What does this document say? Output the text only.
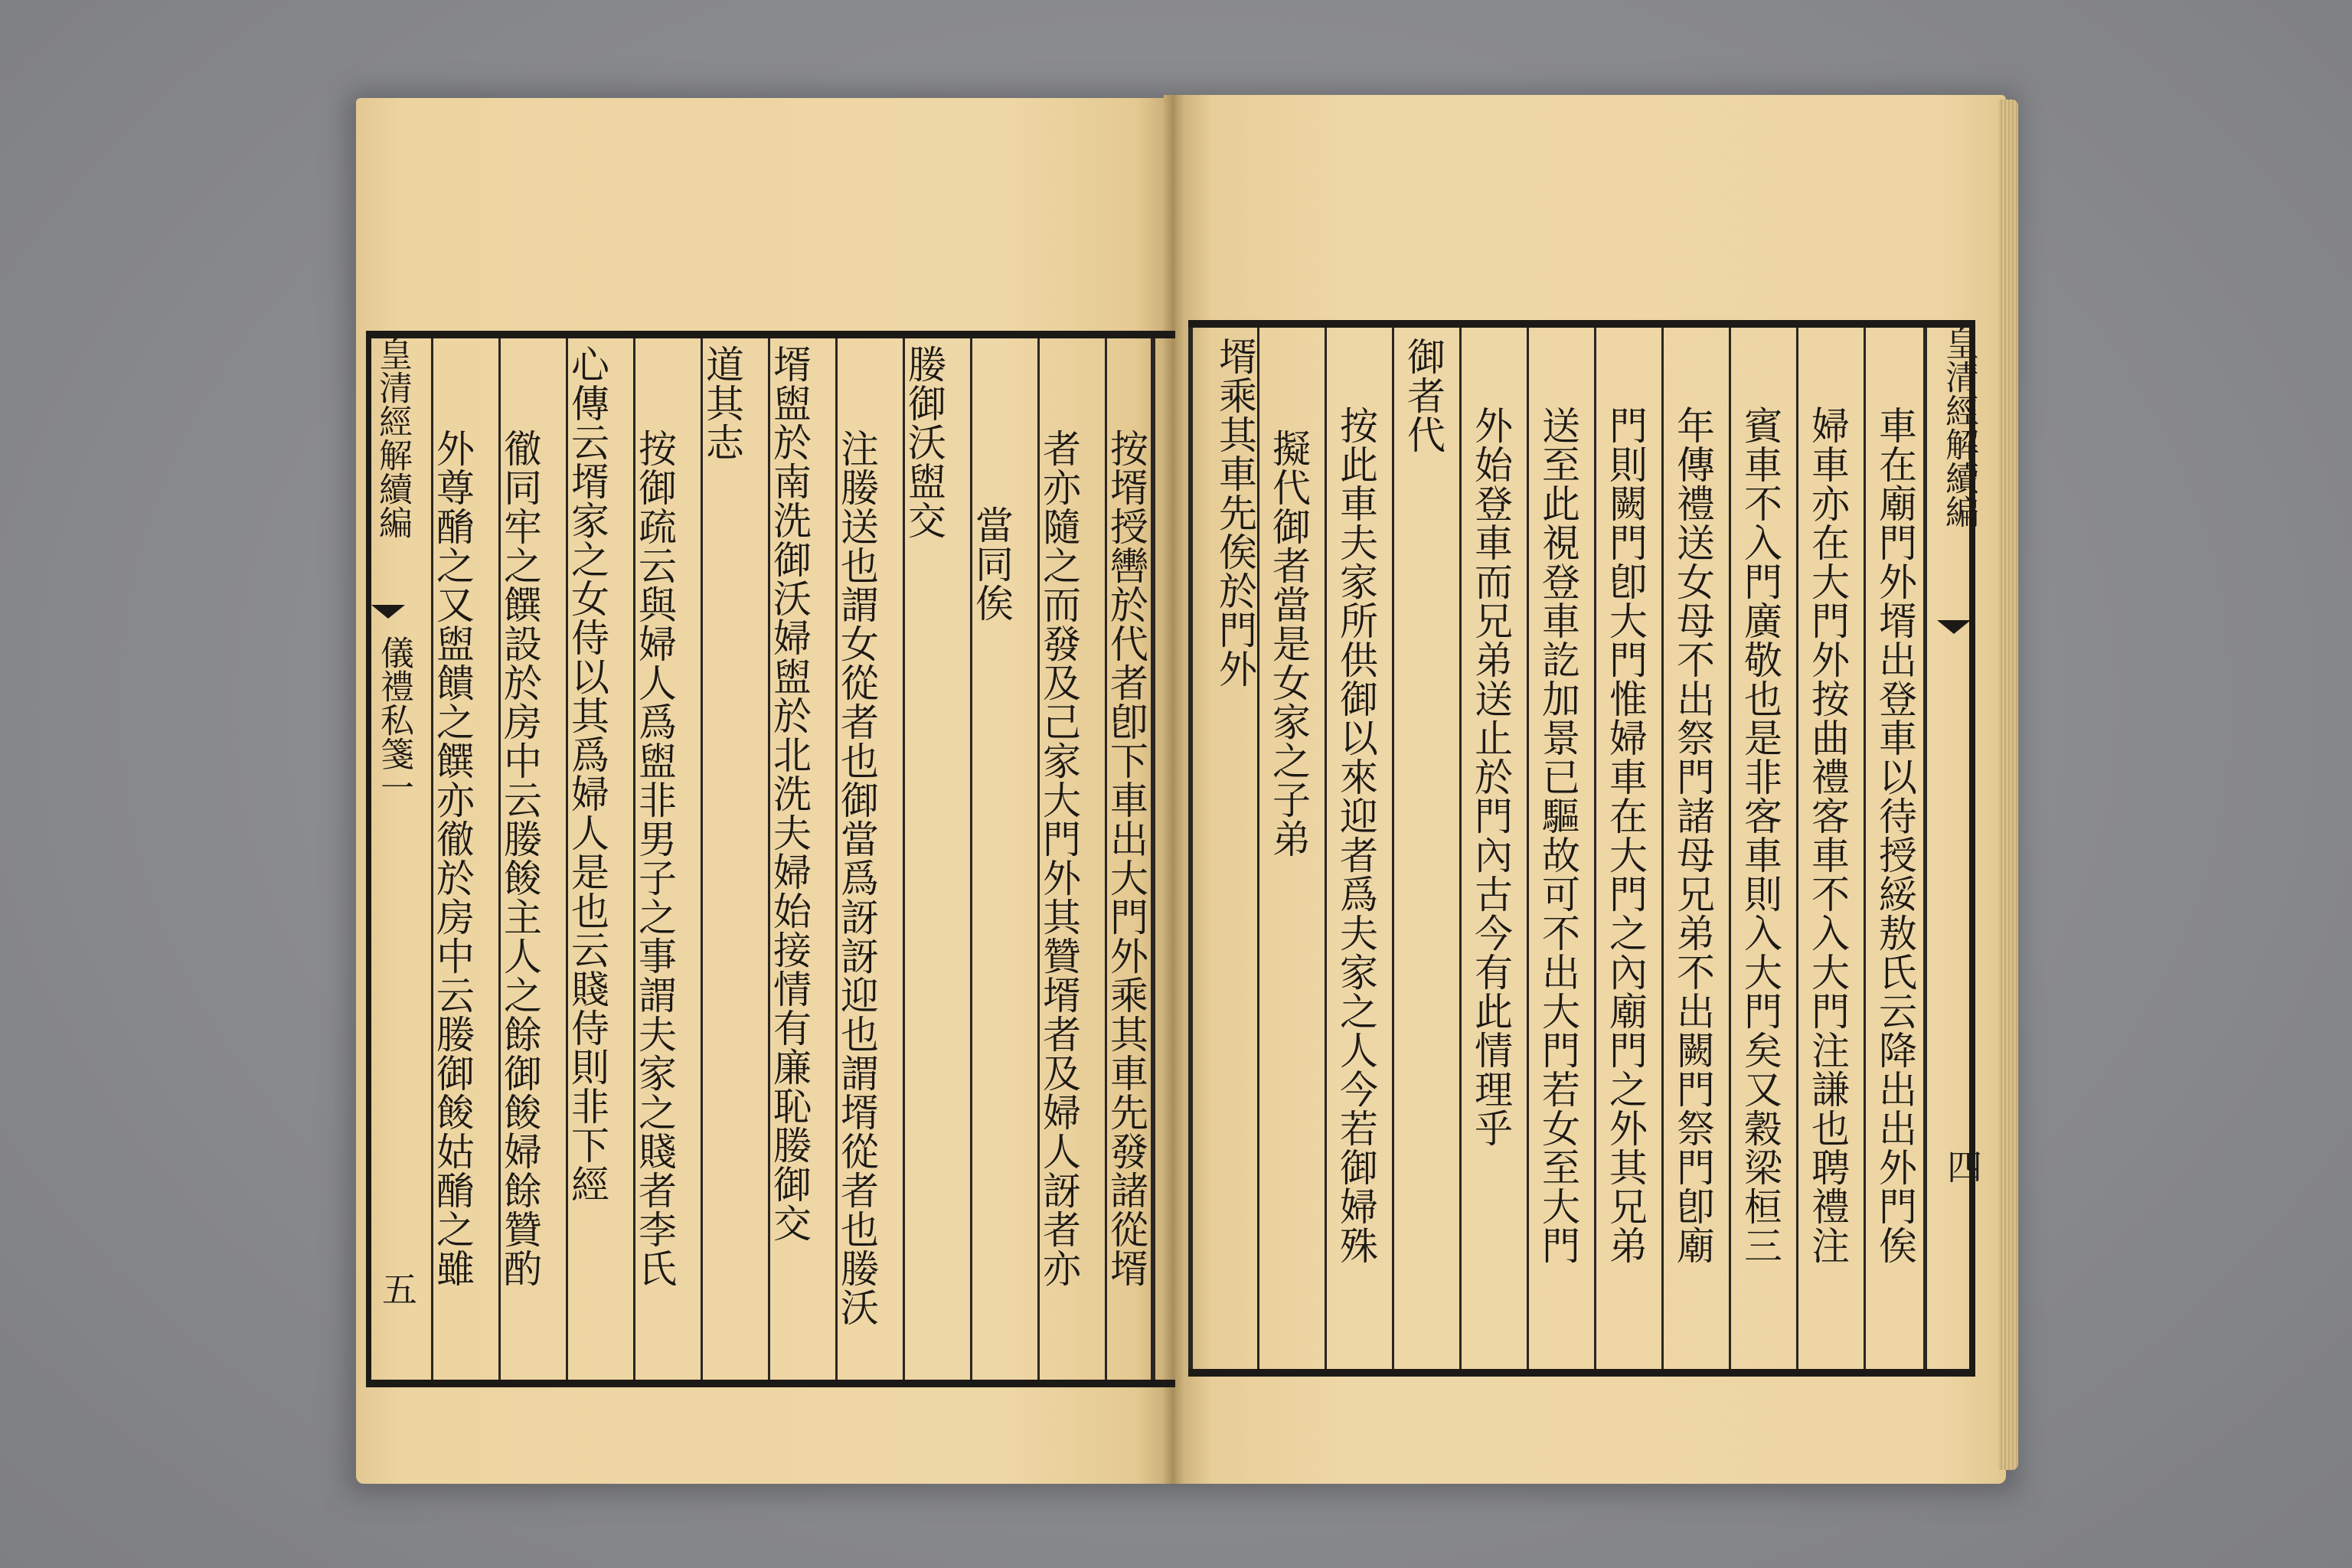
皇清經解續編
儀禮私箋一
五
按壻授轡於代者卽下車出大門外乘其車先發諸從壻
者亦隨之而發及己家大門外其贊壻者及婦人訝者亦
當同俟
媵御沃盥交
注媵送也謂女從者也御當爲訝訝迎也謂壻從者也媵沃
壻盥於南洗御沃婦盥於北洗夫婦始接情有廉恥媵御交
道其志
按御疏云與婦人爲盥非男子之事謂夫家之賤者李氏
心傳云壻家之女侍以其爲婦人是也云賤侍則非下經
徹同牢之饌設於房中云媵餕主人之餘御餕婦餘贊酌
外尊酳之又盥饋之饌亦徹於房中云媵御餕姑酳之雖
皇清經解續編
四
車在廟門外壻出登車以待授綏敖氏云降出出外門俟
婦車亦在大門外按曲禮客車不入大門注謙也聘禮注
賓車不入門廣敬也是非客車則入大門矣又穀梁桓三
年傳禮送女母不出祭門諸母兄弟不出闕門祭門卽廟
門則闕門卽大門惟婦車在大門之內廟門之外其兄弟
送至此視登車訖加景已驅故可不出大門若女至大門
外始登車而兄弟送止於門內古今有此情理乎
御者代
按此車夫家所供御以來迎者爲夫家之人今若御婦殊
擬代御者當是女家之子弟
壻乘其車先俟於門外
